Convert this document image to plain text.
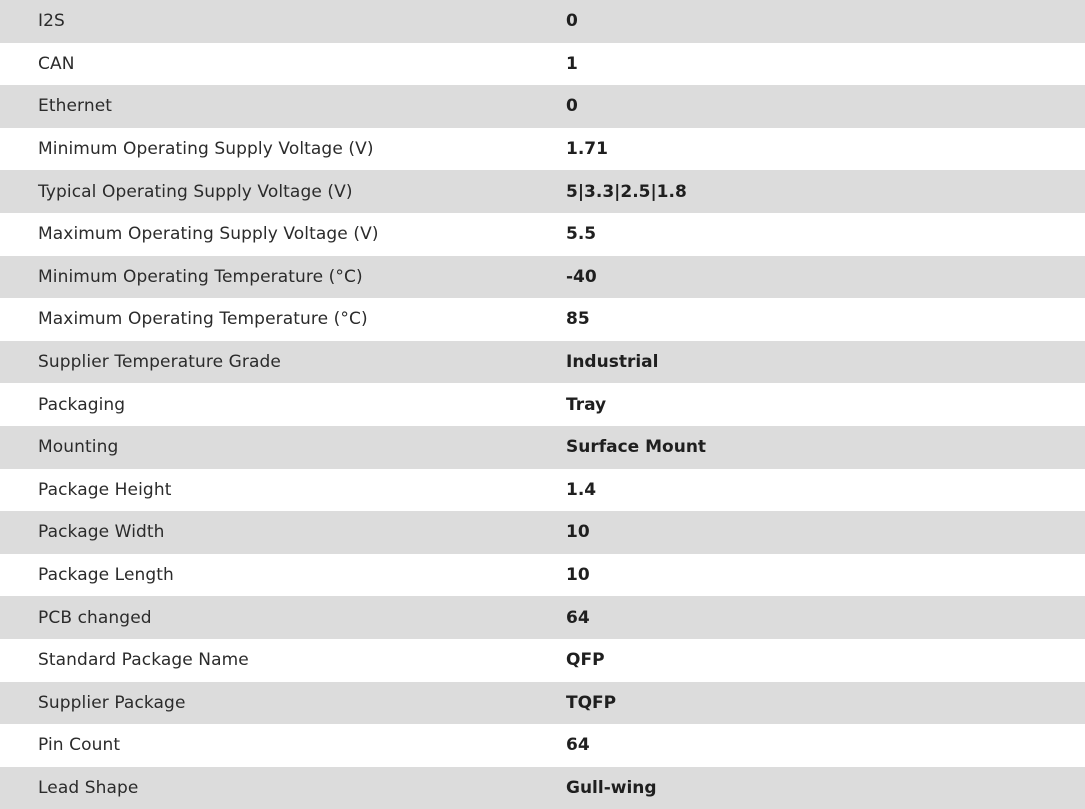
I2S	0
CAN	1
Ethernet	0
Minimum Operating Supply Voltage (V)	1.71
Typical Operating Supply Voltage (V)	5|3.3|2.5|1.8
Maximum Operating Supply Voltage (V)	5.5
Minimum Operating Temperature (°C)	-40
Maximum Operating Temperature (°C)	85
Supplier Temperature Grade	Industrial
Packaging	Tray
Mounting	Surface Mount
Package Height	1.4
Package Width	10
Package Length	10
PCB changed	64
Standard Package Name	QFP
Supplier Package	TQFP
Pin Count	64
Lead Shape	Gull-wing
